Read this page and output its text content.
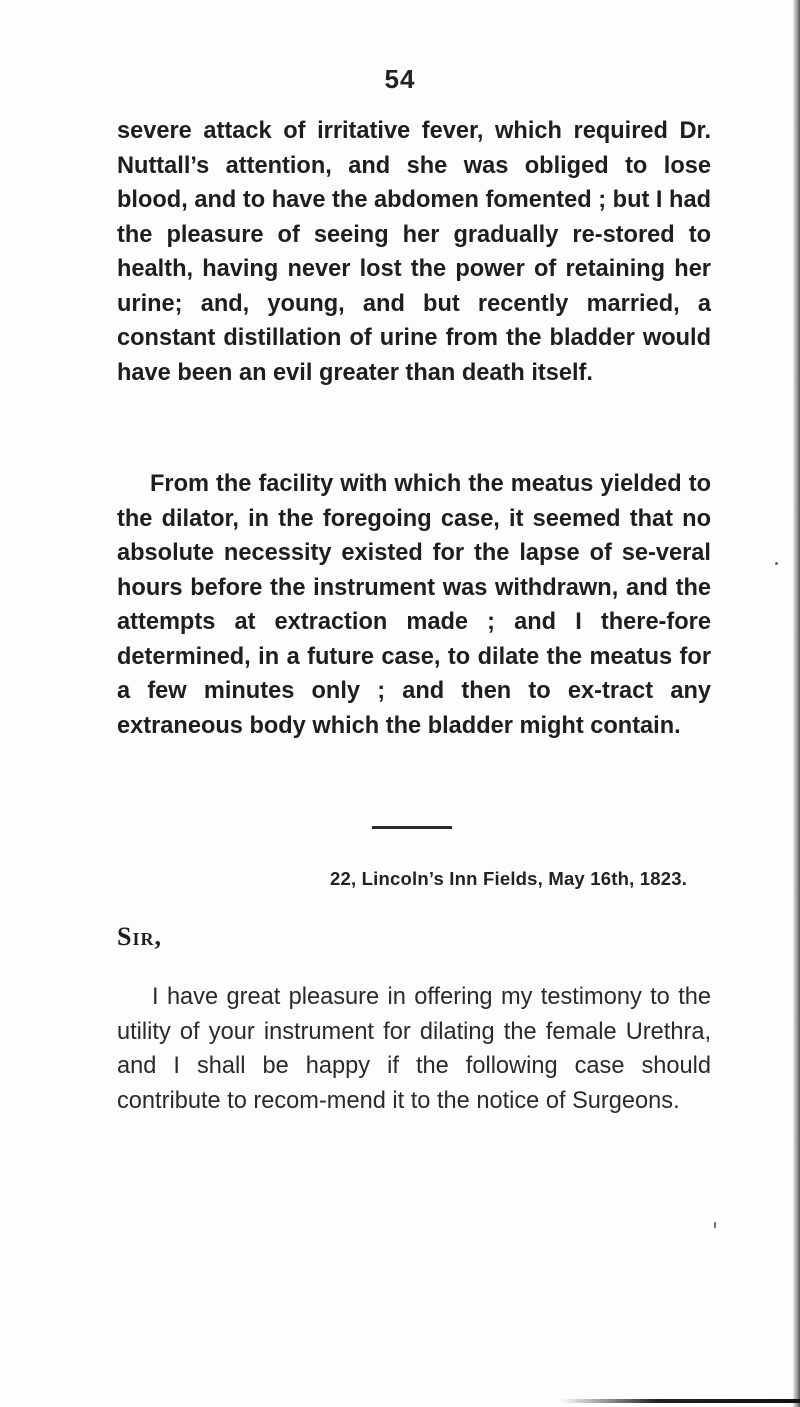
54

severe attack of irritative fever, which required Dr. Nuttall’s attention, and she was obliged to lose blood, and to have the abdomen fomented ; but I had the pleasure of seeing her gradually re-stored to health, having never lost the power of retaining her urine; and, young, and but recently married, a constant distillation of urine from the bladder would have been an evil greater than death itself.

From the facility with which the meatus yielded to the dilator, in the foregoing case, it seemed that no absolute necessity existed for the lapse of se-veral hours before the instrument was withdrawn, and the attempts at extraction made ; and I there-fore determined, in a future case, to dilate the meatus for a few minutes only ; and then to ex-tract any extraneous body which the bladder might contain.

22, Lincoln’s Inn Fields, May 16th, 1823.
Sir,

I have great pleasure in offering my testimony to the utility of your instrument for dilating the female Urethra, and I shall be happy if the following case should contribute to recom-mend it to the notice of Surgeons.
